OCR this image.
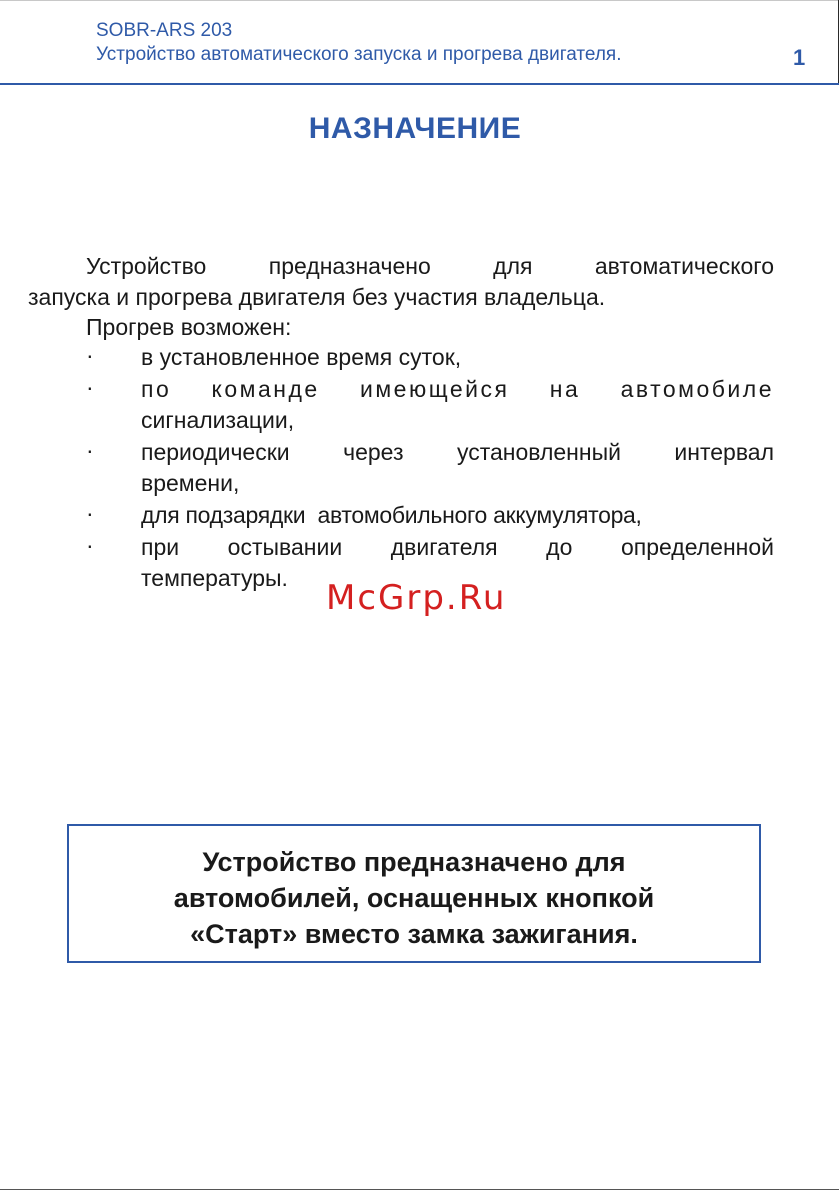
SOBR-ARS 203
Устройство автоматического запуска и прогрева двигателя.	1
НАЗНАЧЕНИЕ
Устройство предназначено для автоматического
запуска и прогрева двигателя без участия владельца.
Прогрев возможен:
· в установленное время суток,
· по команде имеющейся на автомобиле
сигнализации,
· периодически через установленный интервал
времени,
· для подзарядки  автомобильного аккумулятора,
· при остывании двигателя до определенной
температуры.	McGrp.Ru
Устройство предназначено для
автомобилей, оснащенных кнопкой
«Старт» вместо замка зажигания.
